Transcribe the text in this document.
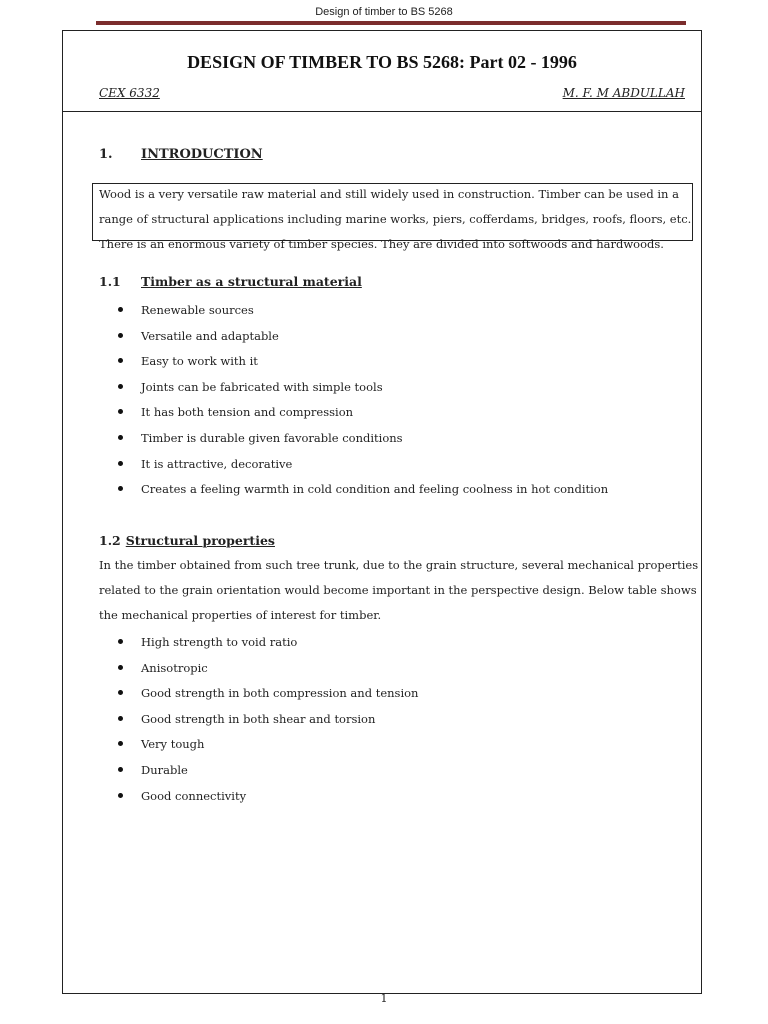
Design of timber to BS 5268
DESIGN OF TIMBER TO BS 5268: Part 02 - 1996
CEX 6332	M. F. M ABDULLAH
1. INTRODUCTION
Wood is a very versatile raw material and still widely used in construction. Timber can be used in a
range of structural applications including marine works, piers, cofferdams, bridges, roofs, floors, etc.
There is an enormous variety of timber species. They are divided into softwoods and hardwoods.
1.1 Timber as a structural material
Renewable sources
Versatile and adaptable
Easy to work with it
Joints can be fabricated with simple tools
It has both tension and compression
Timber is durable given favorable conditions
It is attractive, decorative
Creates a feeling warmth in cold condition and feeling coolness in hot condition
1.2 Structural properties
In the timber obtained from such tree trunk, due to the grain structure, several mechanical properties
related to the grain orientation would become important in the perspective design. Below table shows
the mechanical properties of interest for timber.
High strength to void ratio
Anisotropic
Good strength in both compression and tension
Good strength in both shear and torsion
Very tough
Durable
Good connectivity
1
